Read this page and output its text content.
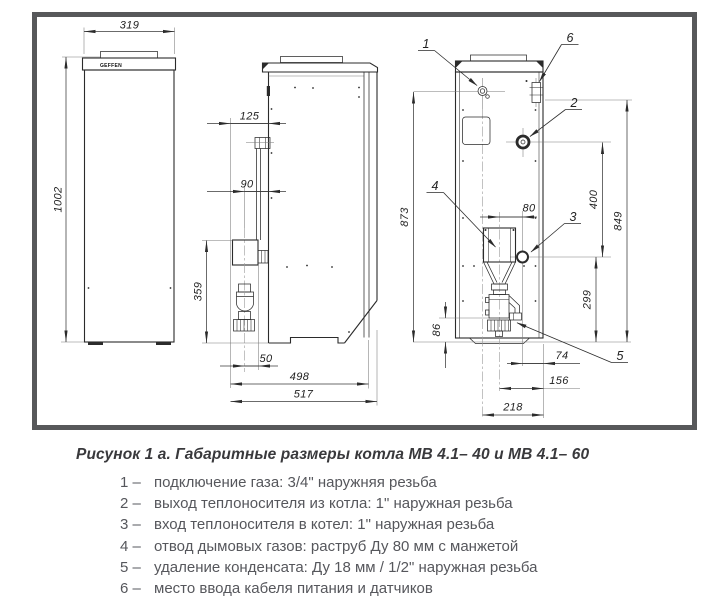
GEFFEN
319
1002
125
90
359
50
498
517
873	849
400
299
80
86
74
156
218
1	6
2
4
3
5
Рисунок 1 а. Габаритные размеры котла МВ 4.1– 40 и МВ 4.1– 60
1 – подключение газа: 3/4" наружняя резьба
2 – выход теплоносителя из котла: 1" наружная резьба
3 – вход теплоносителя в котел: 1" наружная резьба
4 – отвод дымовых газов: раструб Ду 80 мм с манжетой
5 – удаление конденсата: Ду 18 мм / 1/2" наружная резьба
6 – место ввода кабеля питания и датчиков
